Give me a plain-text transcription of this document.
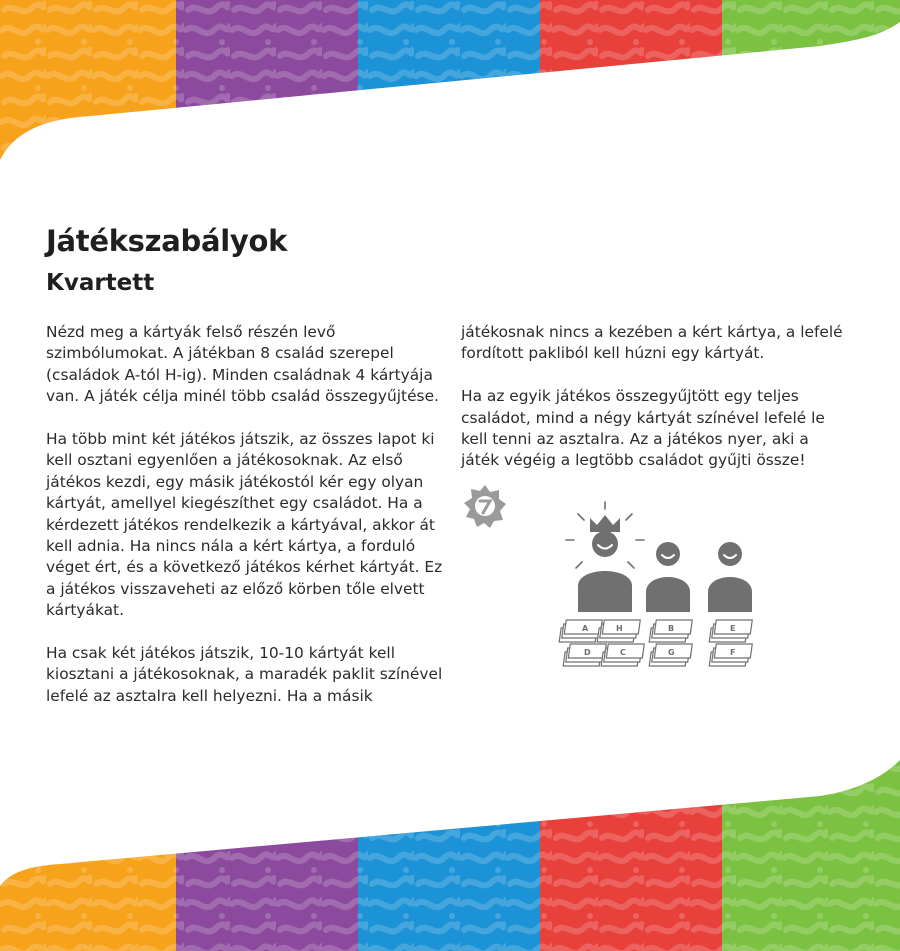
Játékszabályok
Kvartett

Nézd meg a kártyák felső részén levő szimbólumokat. A játékban 8 család szerepel (családok A-tól H-ig). Minden családnak 4 kártyája van. A játék célja minél több család összegyűjtése.

Ha több mint két játékos játszik, az összes lapot ki kell osztani egyenlően a játékosoknak. Az első játékos kezdi, egy másik játékostól kér egy olyan kártyát, amellyel kiegészíthet egy családot. Ha a kérdezett játékos rendelkezik a kártyával, akkor át kell adnia. Ha nincs nála a kért kártya, a forduló véget ért, és a következő játékos kérhet kártyát. Ez a játékos visszaveheti az előző körben tőle elvett kártyákat.

Ha csak két játékos játszik, 10-10 kártyát kell kiosztani a játékosoknak, a maradék paklit színével lefelé az asztalra kell helyezni. Ha a másik

játékosnak nincs a kezében a kért kártya, a lefelé fordított pakliból kell húzni egy kártyát.

Ha az egyik játékos összegyűjtött egy teljes családot, mind a négy kártyát színével lefelé le kell tenni az asztalra. Az a játékos nyer, aki a játék végéig a legtöbb családot gyűjti össze!

A	H
D	C
B
G
E
F
